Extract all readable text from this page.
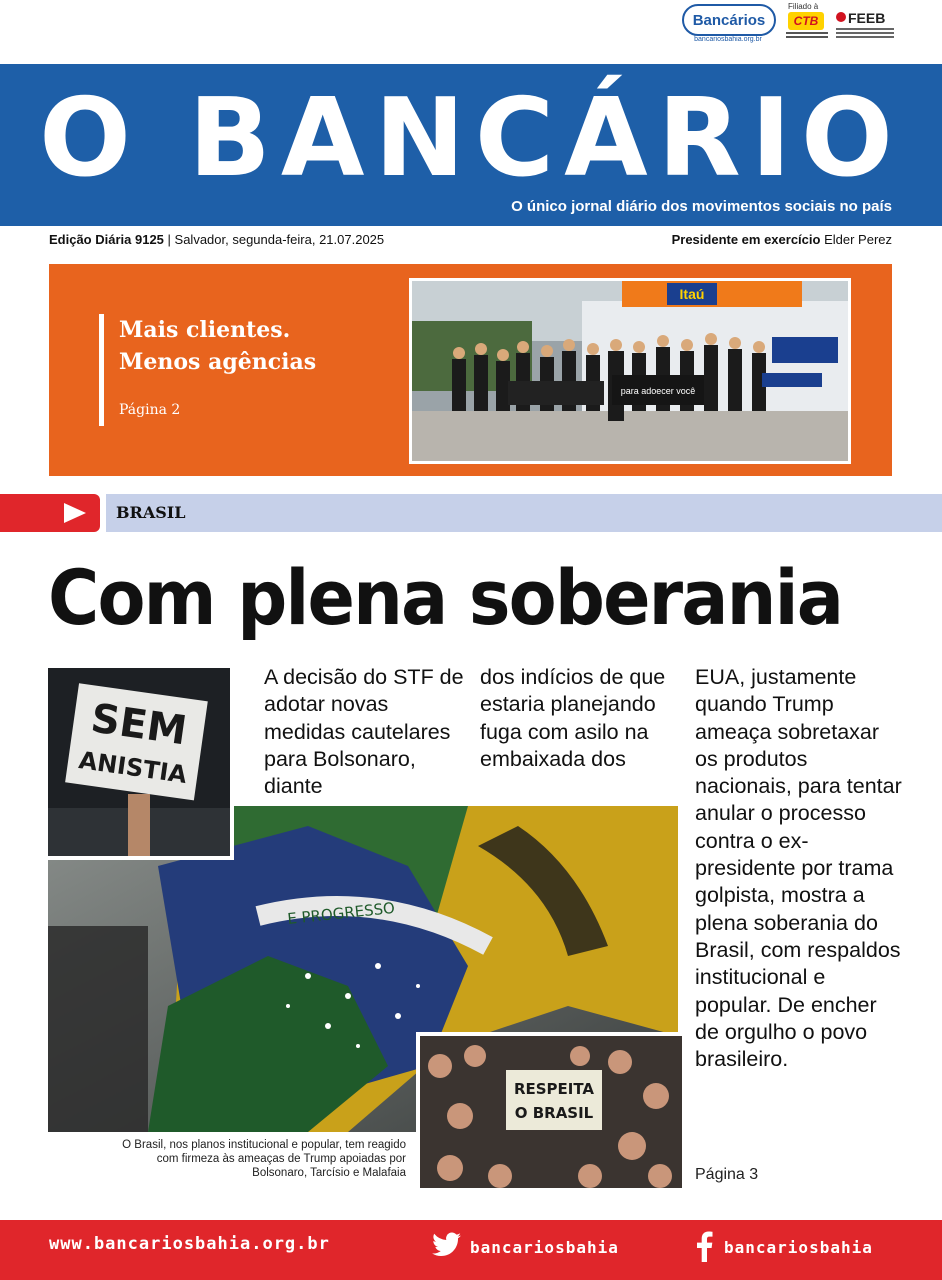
Bancários
bancariosbahia.org.br
Filiado à
CTB	FEEB
O BANCÁRIO
O único jornal diário dos movimentos sociais no país
Edição Diária 9125 | Salvador, segunda-feira, 21.07.2025	Presidente em exercício Elder Perez
Mais clientes.
Menos agências
Página 2
Itaú
para adoecer você
BRASIL
Com plena soberania
E PROGRESSO
SEM
ANISTIA
RESPEITA
O BRASIL
O Brasil, nos planos institucional e popular, tem reagido com firmeza às ameaças de Trump apoiadas por Bolsonaro, Tarcísio e Malafaia
A decisão do STF de adotar novas medidas cautelares para Bolsonaro, diante
dos indícios de que estaria planejando fuga com asilo na embaixada dos
EUA, justamente quando Trump ameaça sobretaxar os produtos nacionais, para tentar anular o processo contra o ex-presidente por trama golpista, mostra a plena soberania do Brasil, com respaldos institucional e popular. De encher de orgulho o povo brasileiro.
Página 3
www.bancariosbahia.org.br	bancariosbahia	bancariosbahia
